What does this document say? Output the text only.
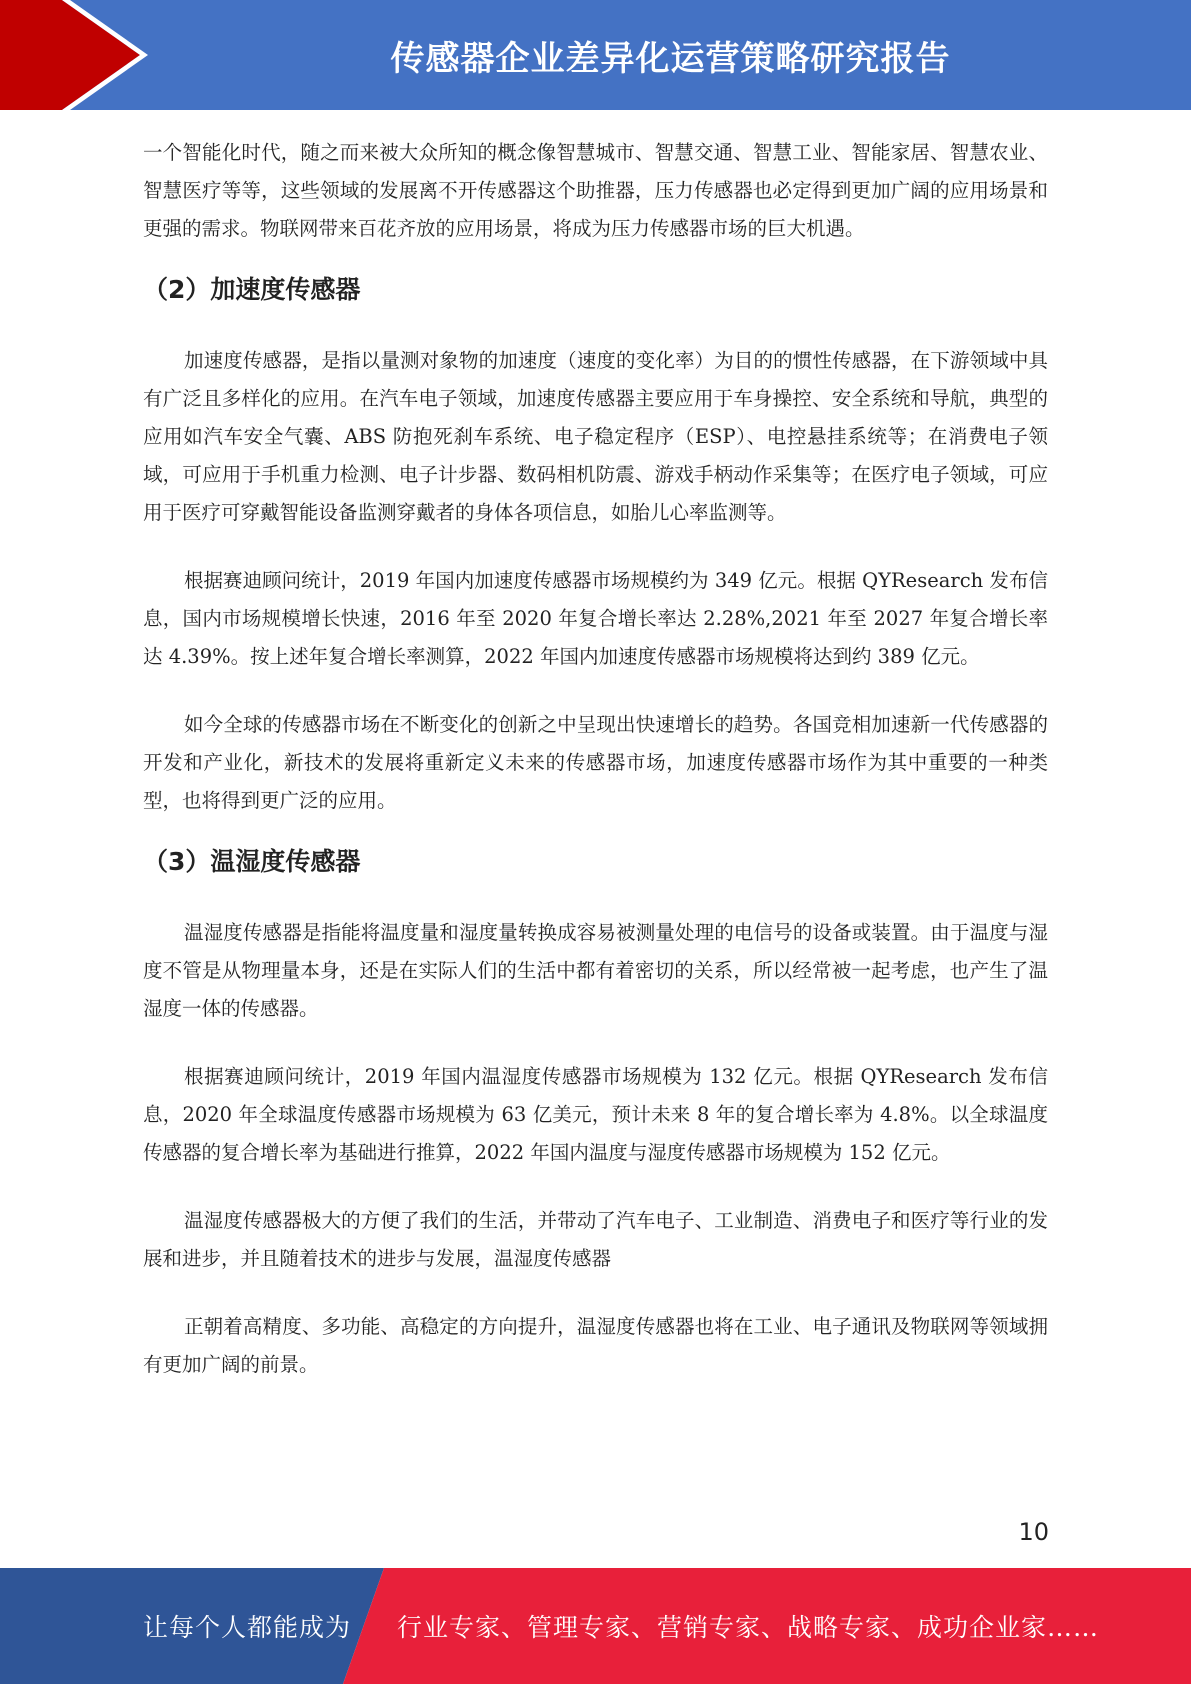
传感器企业差异化运营策略研究报告

一个智能化时代，随之而来被大众所知的概念像智慧城市、智慧交通、智慧工业、智能家居、智慧农业、智慧医疗等等，这些领域的发展离不开传感器这个助推器，压力传感器也必定得到更加广阔的应用场景和更强的需求。物联网带来百花齐放的应用场景，将成为压力传感器市场的巨大机遇。

（2）加速度传感器

加速度传感器，是指以量测对象物的加速度（速度的变化率）为目的的惯性传感器，在下游领域中具有广泛且多样化的应用。在汽车电子领域，加速度传感器主要应用于车身操控、安全系统和导航，典型的应用如汽车安全气囊、ABS 防抱死刹车系统、电子稳定程序（ESP）、电控悬挂系统等；在消费电子领域，可应用于手机重力检测、电子计步器、数码相机防震、游戏手柄动作采集等；在医疗电子领域，可应用于医疗可穿戴智能设备监测穿戴者的身体各项信息，如胎儿心率监测等。

根据赛迪顾问统计，2019 年国内加速度传感器市场规模约为 349 亿元。根据 QYResearch 发布信息，国内市场规模增长快速，2016 年至 2020 年复合增长率达 2.28%,2021 年至 2027 年复合增长率达 4.39%。按上述年复合增长率测算，2022 年国内加速度传感器市场规模将达到约 389 亿元。

如今全球的传感器市场在不断变化的创新之中呈现出快速增长的趋势。各国竞相加速新一代传感器的开发和产业化，新技术的发展将重新定义未来的传感器市场，加速度传感器市场作为其中重要的一种类型，也将得到更广泛的应用。

（3）温湿度传感器

温湿度传感器是指能将温度量和湿度量转换成容易被测量处理的电信号的设备或装置。由于温度与湿度不管是从物理量本身，还是在实际人们的生活中都有着密切的关系，所以经常被一起考虑，也产生了温湿度一体的传感器。

根据赛迪顾问统计，2019 年国内温湿度传感器市场规模为 132 亿元。根据 QYResearch 发布信息，2020 年全球温度传感器市场规模为 63 亿美元，预计未来 8 年的复合增长率为 4.8%。以全球温度传感器的复合增长率为基础进行推算，2022 年国内温度与湿度传感器市场规模为 152 亿元。

温湿度传感器极大的方便了我们的生活，并带动了汽车电子、工业制造、消费电子和医疗等行业的发展和进步，并且随着技术的进步与发展，温湿度传感器

正朝着高精度、多功能、高稳定的方向提升，温湿度传感器也将在工业、电子通讯及物联网等领域拥有更加广阔的前景。

10
让每个人都能成为 行业专家、管理专家、营销专家、战略专家、成功企业家……
